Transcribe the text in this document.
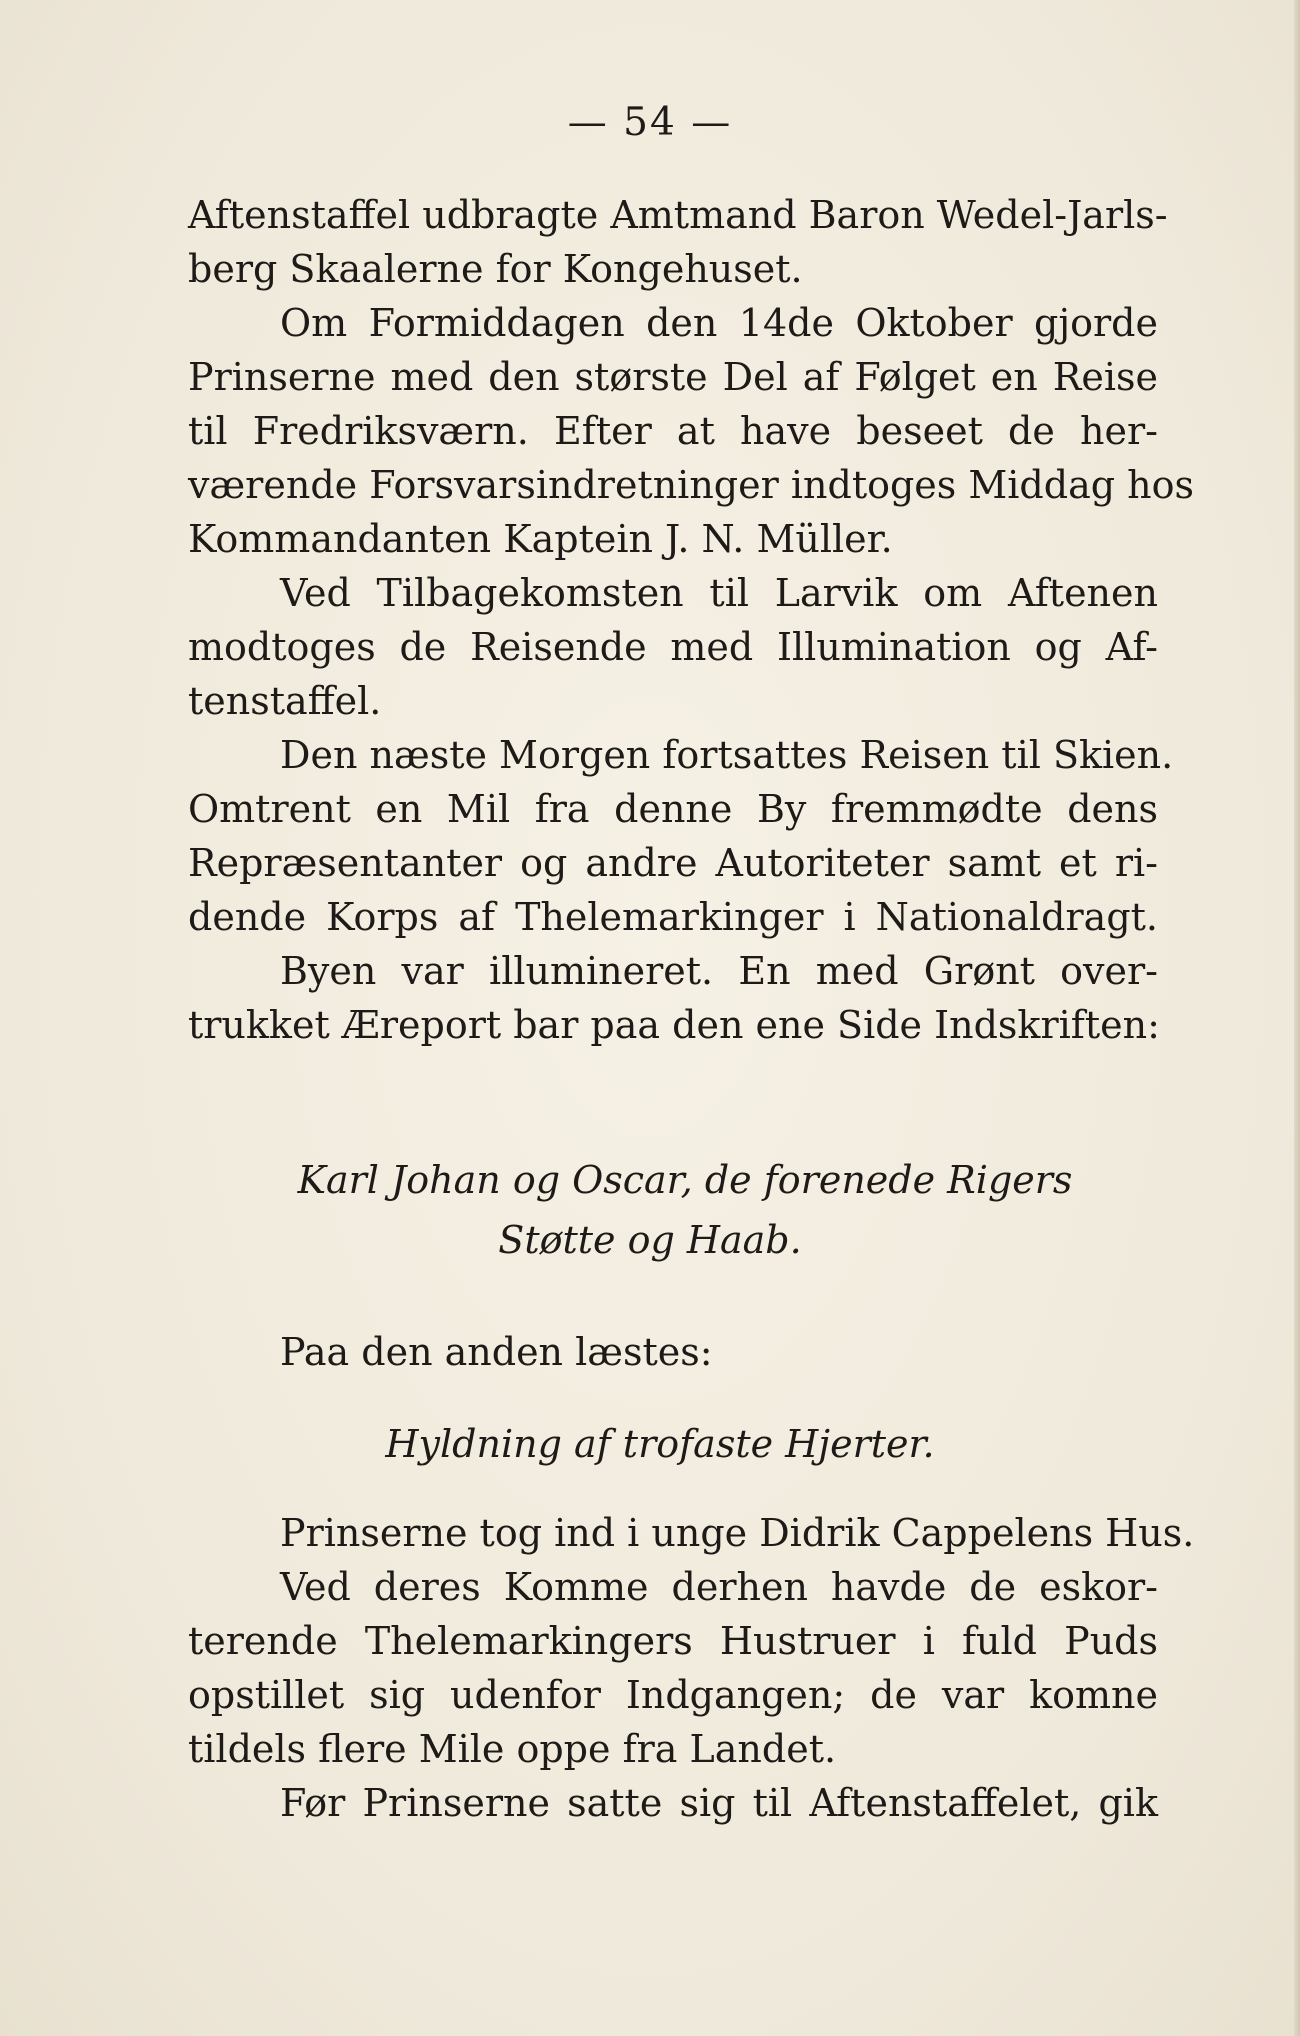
— 54 —
Aftenstaffel udbragte Amtmand Baron Wedel-Jarls-
berg Skaalerne for Kongehuset.
Om Formiddagen den 14de Oktober gjorde
Prinserne med den største Del af Følget en Reise
til Fredriksværn. Efter at have beseet de her-
værende Forsvarsindretninger indtoges Middag hos
Kommandanten Kaptein J. N. Müller.
Ved Tilbagekomsten til Larvik om Aftenen
modtoges de Reisende med Illumination og Af-
tenstaffel.
Den næste Morgen fortsattes Reisen til Skien.
Omtrent en Mil fra denne By fremmødte dens
Repræsentanter og andre Autoriteter samt et ri-
dende Korps af Thelemarkinger i Nationaldragt.
Byen var illumineret. En med Grønt over-
trukket Æreport bar paa den ene Side Indskriften:
Karl Johan og Oscar, de forenede Rigers
Støtte og Haab.
Paa den anden læstes:
Hyldning af trofaste Hjerter.
Prinserne tog ind i unge Didrik Cappelens Hus.
Ved deres Komme derhen havde de eskor-
terende Thelemarkingers Hustruer i fuld Puds
opstillet sig udenfor Indgangen; de var komne
tildels flere Mile oppe fra Landet.
Før Prinserne satte sig til Aftenstaffelet, gik
